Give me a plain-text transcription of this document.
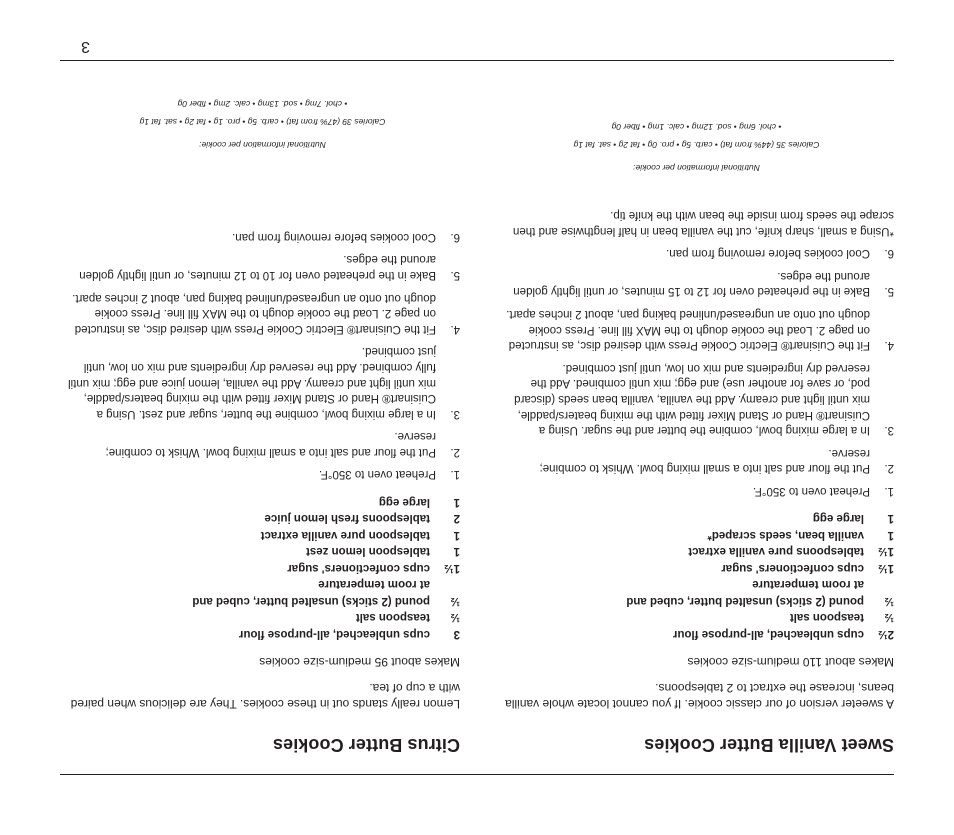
Sweet Vanilla Butter Cookies
A sweeter version of our classic cookie. If you cannot locate whole vanilla beans, increase the extract to 2 tablespoons.
Makes about 110 medium-size cookies
2½
cups unbleached, all-purpose flour
½
teaspoon salt
½
pound (2 sticks) unsalted butter, cubed and
at room temperature
1½
cups confectioners' sugar
1½
tablespoons pure vanilla extract
1
vanilla bean, seeds scraped*
1
large egg
1.
Preheat oven to 350°F.
2.
Put the flour and salt into a small mixing bowl. Whisk to combine; reserve.
3.
In a large mixing bowl, combine the butter and the sugar. Using a Cuisinart® Hand or Stand Mixer fitted with the mixing beaters/paddle, mix until light and creamy. Add the vanilla, vanilla bean seeds (discard pod, or save for another use) and egg; mix until combined. Add the reserved dry ingredients and mix on low, until just combined.
4.
Fit the Cuisinart® Electric Cookie Press with desired disc, as instructed on page 2. Load the cookie dough to the MAX fill line. Press cookie dough out onto an ungreased/unlined baking pan, about 2 inches apart.
5.
Bake in the preheated oven for 12 to 15 minutes, or until lightly golden around the edges.
6.
Cool cookies before removing from pan.
*Using a small, sharp knife, cut the vanilla bean in half lengthwise and then scrape the seeds from inside the bean with the knife tip.
Citrus Butter Cookies
Lemon really stands out in these cookies. They are delicious when paired with a cup of tea.
Makes about 95 medium-size cookies
3
cups unbleached, all-purpose flour
½
teaspoon salt
½
pound (2 sticks) unsalted butter, cubed and
at room temperature
1½
cups confectioners' sugar
1
tablespoon lemon zest
1
tablespoon pure vanilla extract
2
tablespoons fresh lemon juice
1
large egg
1.
Preheat oven to 350°F.
2.
Put the flour and salt into a small mixing bowl. Whisk to combine; reserve.
3.
In a large mixing bowl, combine the butter, sugar and zest. Using a Cuisinart® Hand or Stand Mixer fitted with the mixing beaters/paddle, mix until light and creamy. Add the vanilla, lemon juice and egg; mix until fully combined. Add the reserved dry ingredients and mix on low, until just combined.
4.
Fit the Cuisinart® Electric Cookie Press with desired disc, as instructed on page 2. Load the cookie dough to the MAX fill line. Press cookie dough out onto an ungreased/unlined baking pan, about 2 inches apart.
5.
Bake in the preheated oven for 10 to 12 minutes, or until lightly golden around the edges.
6.
Cool cookies before removing from pan.
Nutritional information per cookie:
Calories 39 (47% from fat) • carb. 5g • pro. 1g • fat 2g • sat. fat 1g
• chol. 7mg • sod. 13mg • calc. 2mg • fiber 0g
Nutritional information per cookie:
Calories 35 (44% from fat) • carb. 5g • pro. 0g • fat 2g • sat. fat 1g
• chol. 6mg • sod. 12mg • calc. 1mg • fiber 0g
3
